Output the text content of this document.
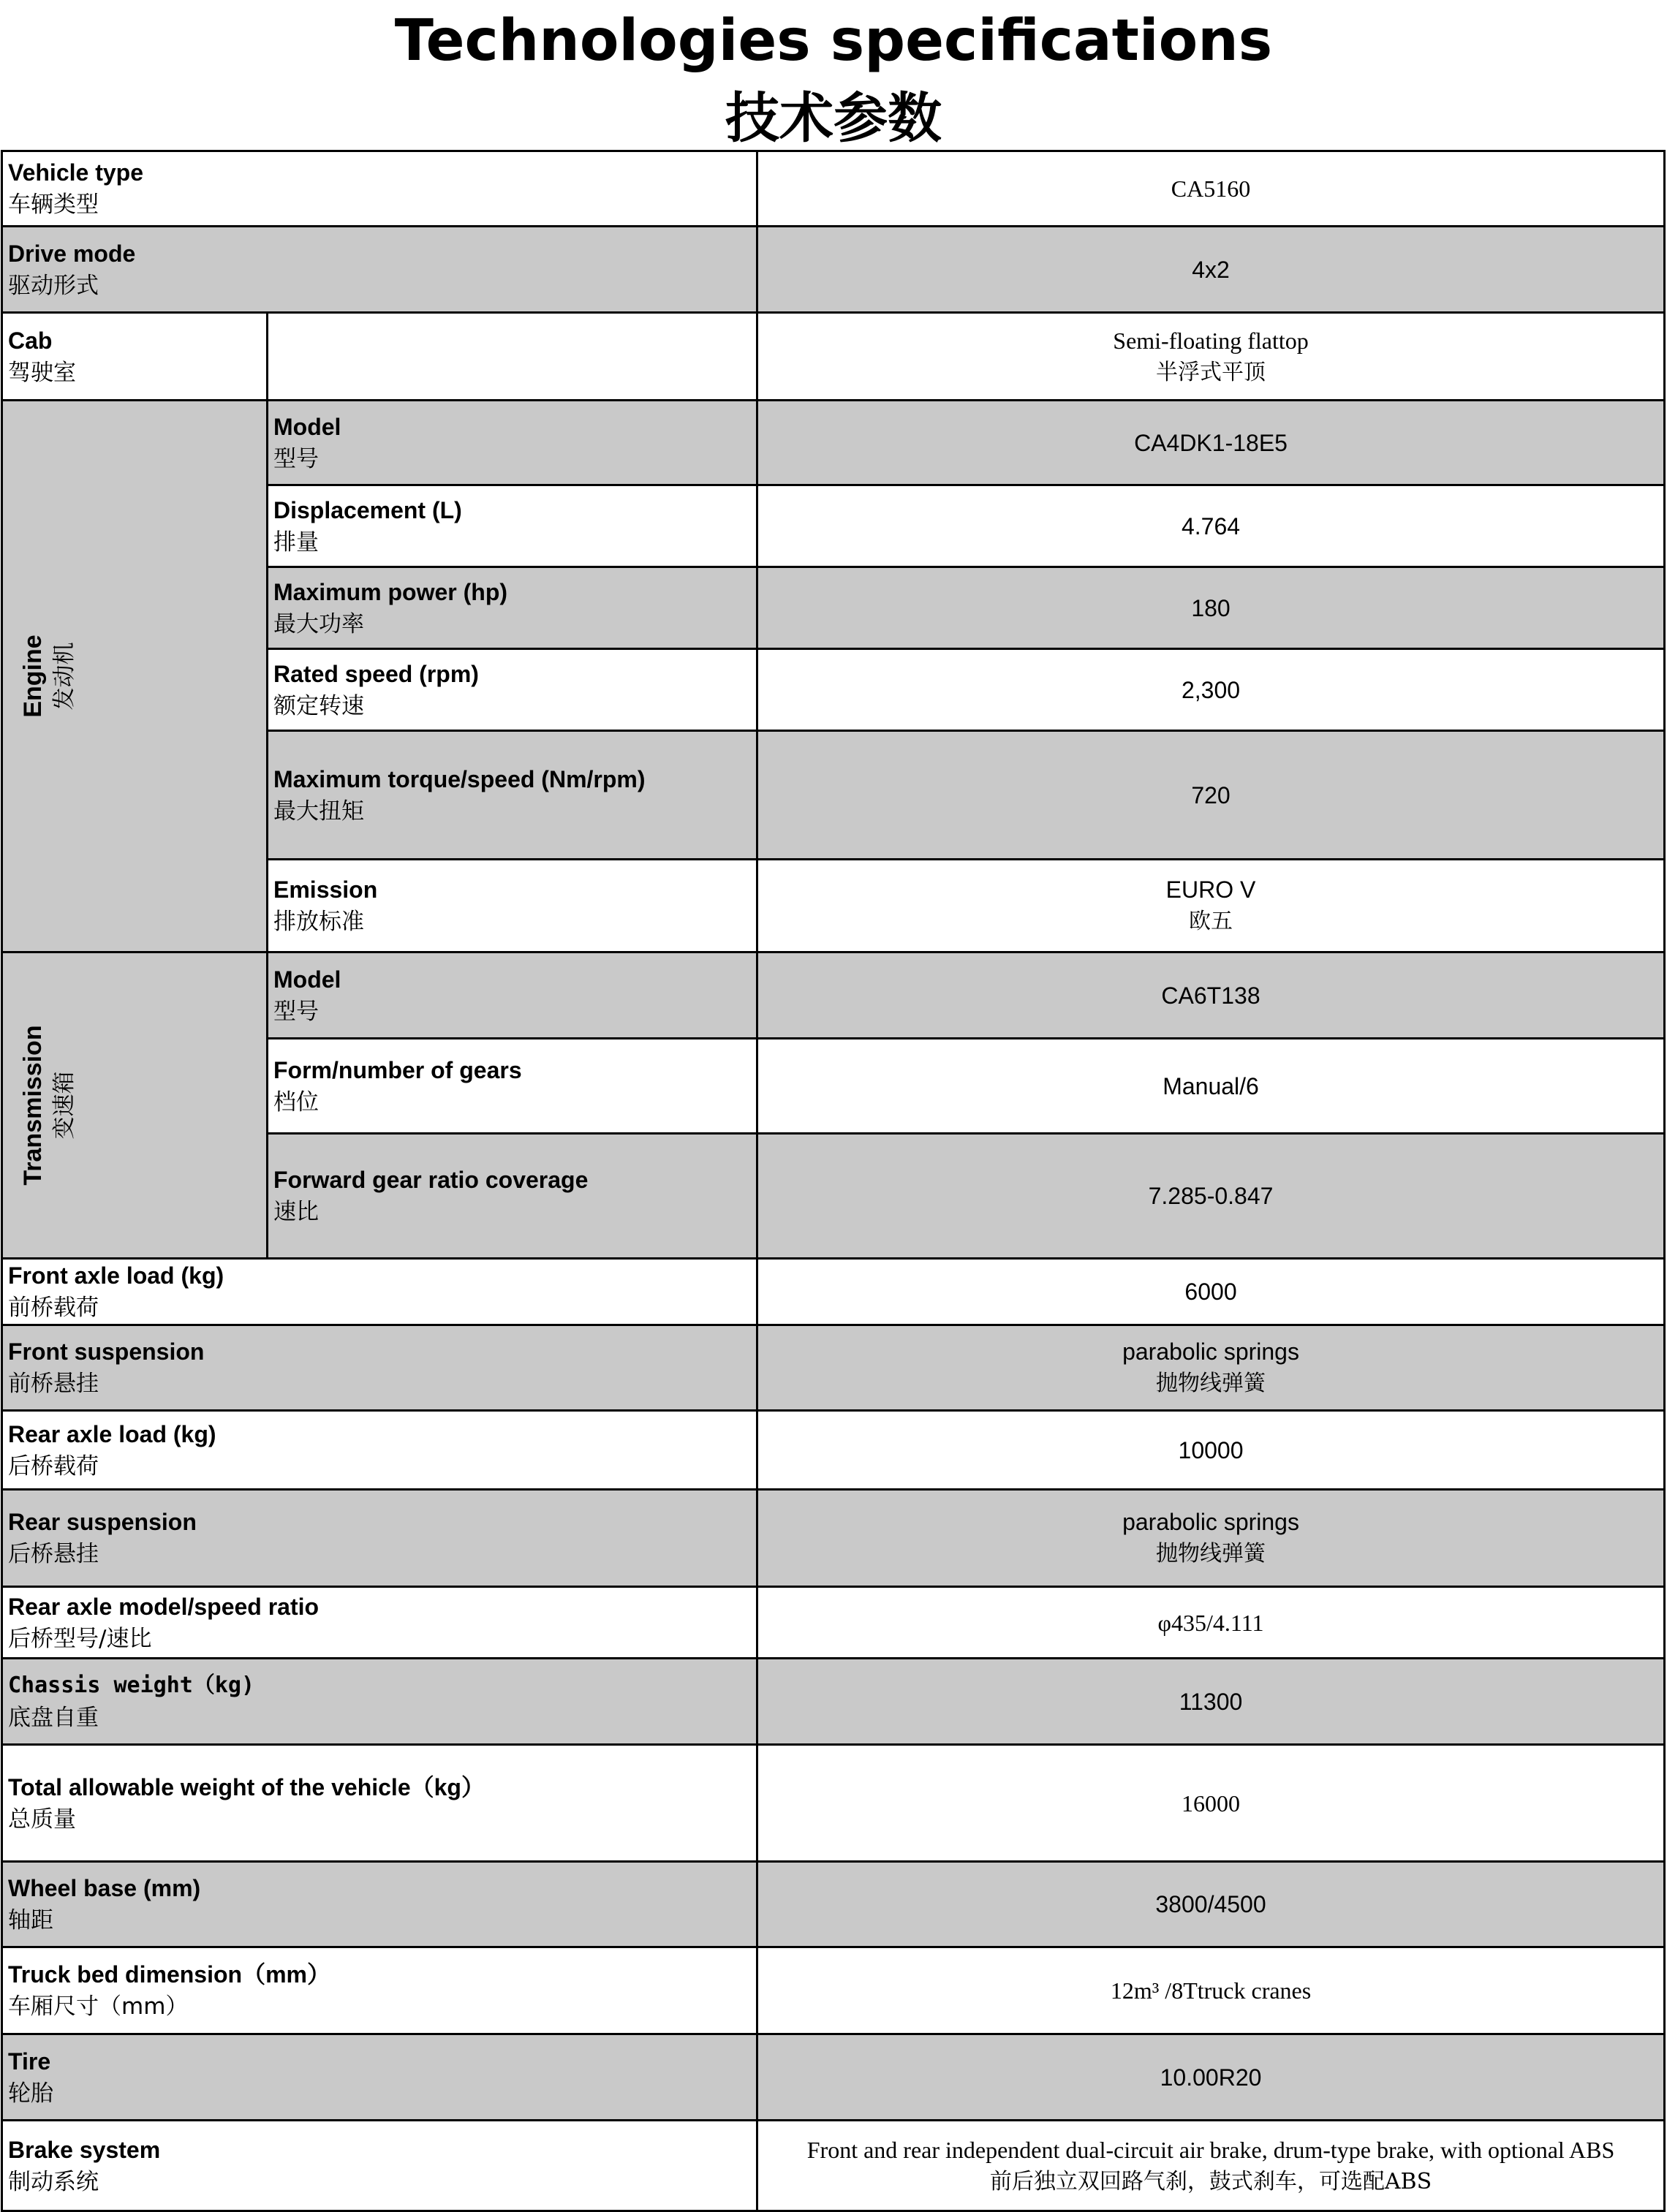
Technologies specifications
技术参数
Vehicle type
车辆类型		CA5160

Drive mode
驱动形式		4x2

Cab
驾驶室		Semi-floating flattop
半浮式平顶

Engine 发动机	Model
型号	CA4DK1-18E5

	Displacement (L)
排量	4.764

	Maximum power (hp)
最大功率	180

	Rated speed (rpm)
额定转速	2,300

	Maximum torque/speed (Nm/rpm)
最大扭矩	720

	Emission
排放标准	EURO V
欧五

Transmission 变速箱	Model
型号	CA6T138

	Form/number of gears
档位	Manual/6

	Forward gear ratio coverage
速比	7.285-0.847

Front axle load (kg)
前桥载荷		6000

Front suspension
前桥悬挂		parabolic springs
抛物线弹簧

Rear axle load (kg)
后桥载荷		10000

Rear suspension
后桥悬挂		parabolic springs
抛物线弹簧

Rear axle model/speed ratio
后桥型号/速比		φ435/4.111

Chassis weight（kg)
底盘自重		11300

Total allowable weight of the vehicle（kg）
总质量		16000

Wheel base (mm)
轴距		3800/4500

Truck bed dimension（mm）
车厢尺寸（mm）		12m³ /8Ttruck cranes

Tire
轮胎		10.00R20

Brake system
制动系统		Front and rear independent dual-circuit air brake, drum-type brake, with optional ABS
前后独立双回路气刹，鼓式刹车，可选配ABS
